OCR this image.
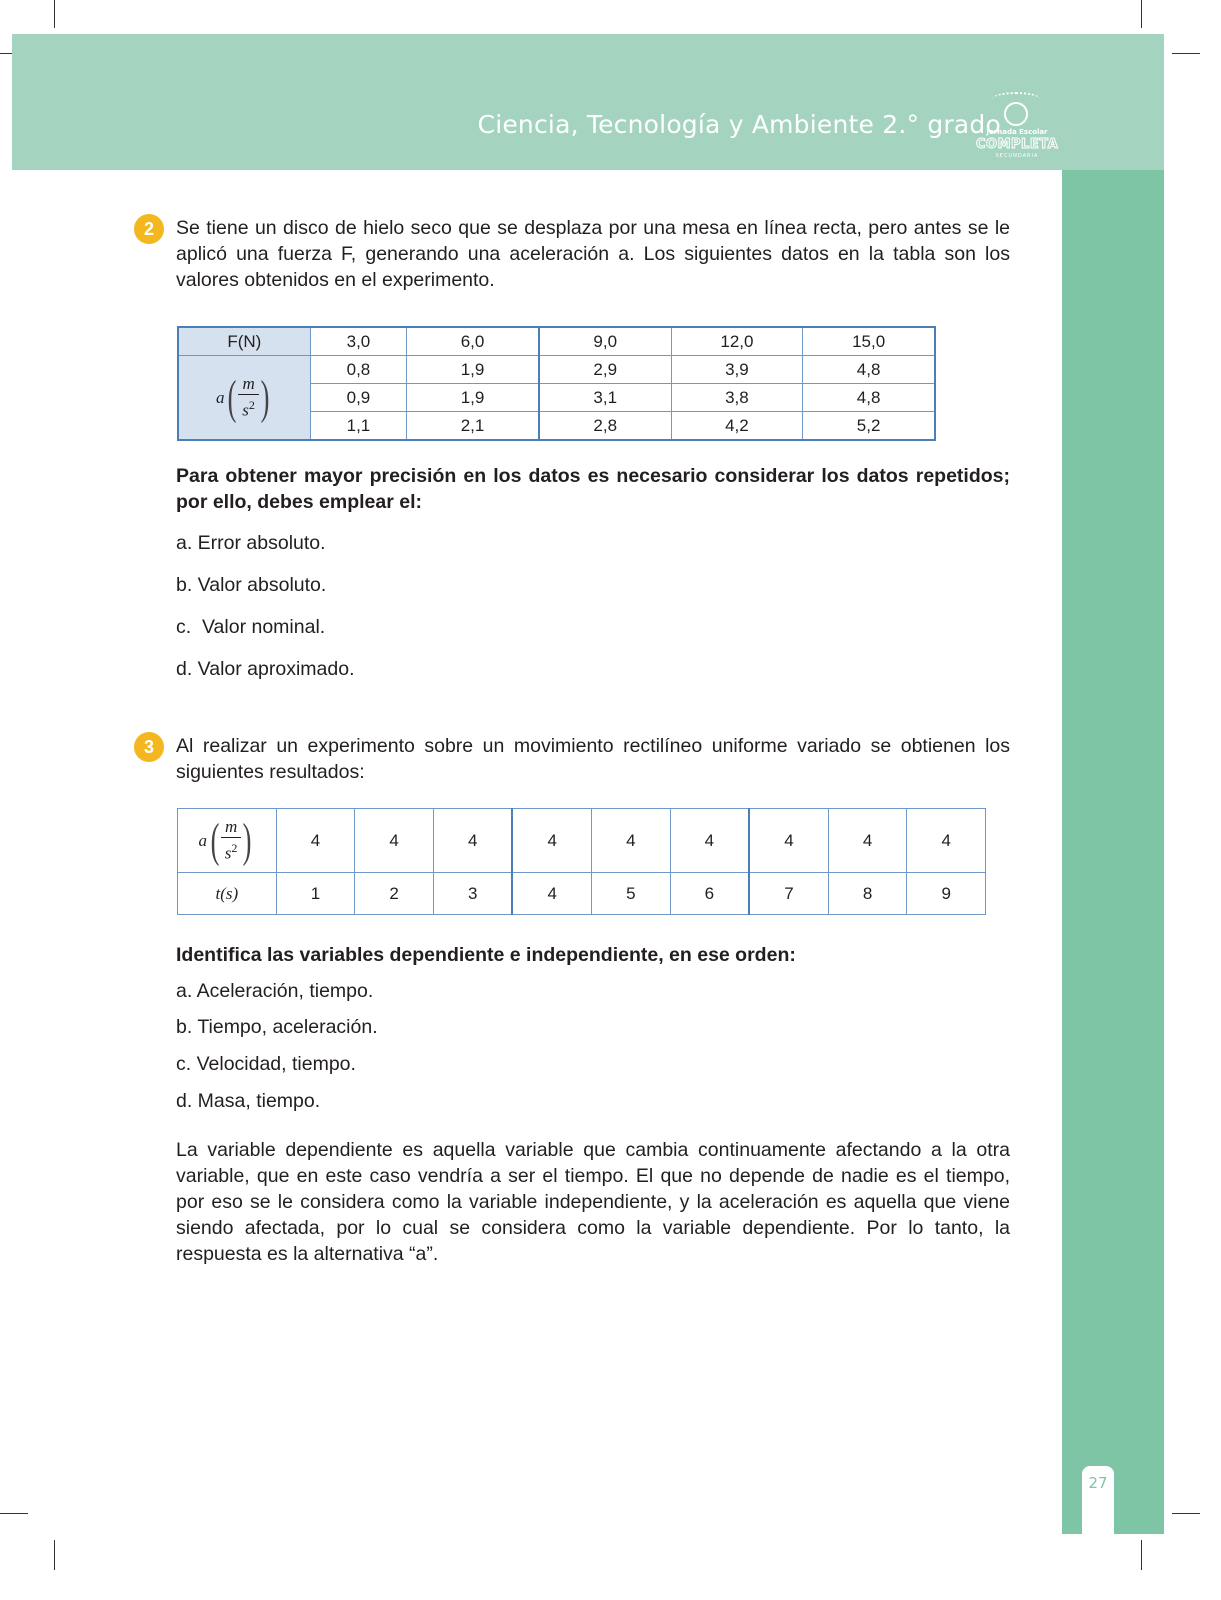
Ciencia, Tecnología y Ambiente 2.° grado
Jornada Escolar
COMPLETA
SECUNDARIA
27
2	Se tiene un disco de hielo seco que se desplaza por una mesa en línea recta, pero antes se le aplicó una fuerza F, generando una aceleración a. Los siguientes datos en la tabla son los valores obtenidos en el experimento.

F(N)	3,0	6,0	9,0	12,0	15,0

a ( $\frac{m}{s^2}$ )	0,8	1,9	2,9	3,9	4,8
	0,9	1,9	3,1	3,8	4,8
	1,1	2,1	2,8	4,2	5,2

Para obtener mayor precisión en los datos es necesario considerar los datos repetidos; por ello, debes emplear el:

a. Error absoluto.

b. Valor absoluto.

c.  Valor nominal.

d. Valor aproximado.

3	Al realizar un experimento sobre un movimiento rectilíneo uniforme variado se obtienen los siguientes resultados:

a ( $\frac{m}{s^2}$ )	4	4	4	4	4	4	4	4	4
t(s)	1	2	3	4	5	6	7	8	9

Identifica las variables dependiente e independiente, en ese orden:

a. Aceleración, tiempo.

b. Tiempo, aceleración.

c. Velocidad, tiempo.

d. Masa, tiempo.

La variable dependiente es aquella variable que cambia continuamente afectando a la otra variable, que en este caso vendría a ser el tiempo. El que no depende de nadie es el tiempo, por eso se le considera como la variable independiente, y la aceleración es aquella que viene siendo afectada, por lo cual se considera como la variable dependiente. Por lo tanto, la respuesta es la alternativa “a”.
